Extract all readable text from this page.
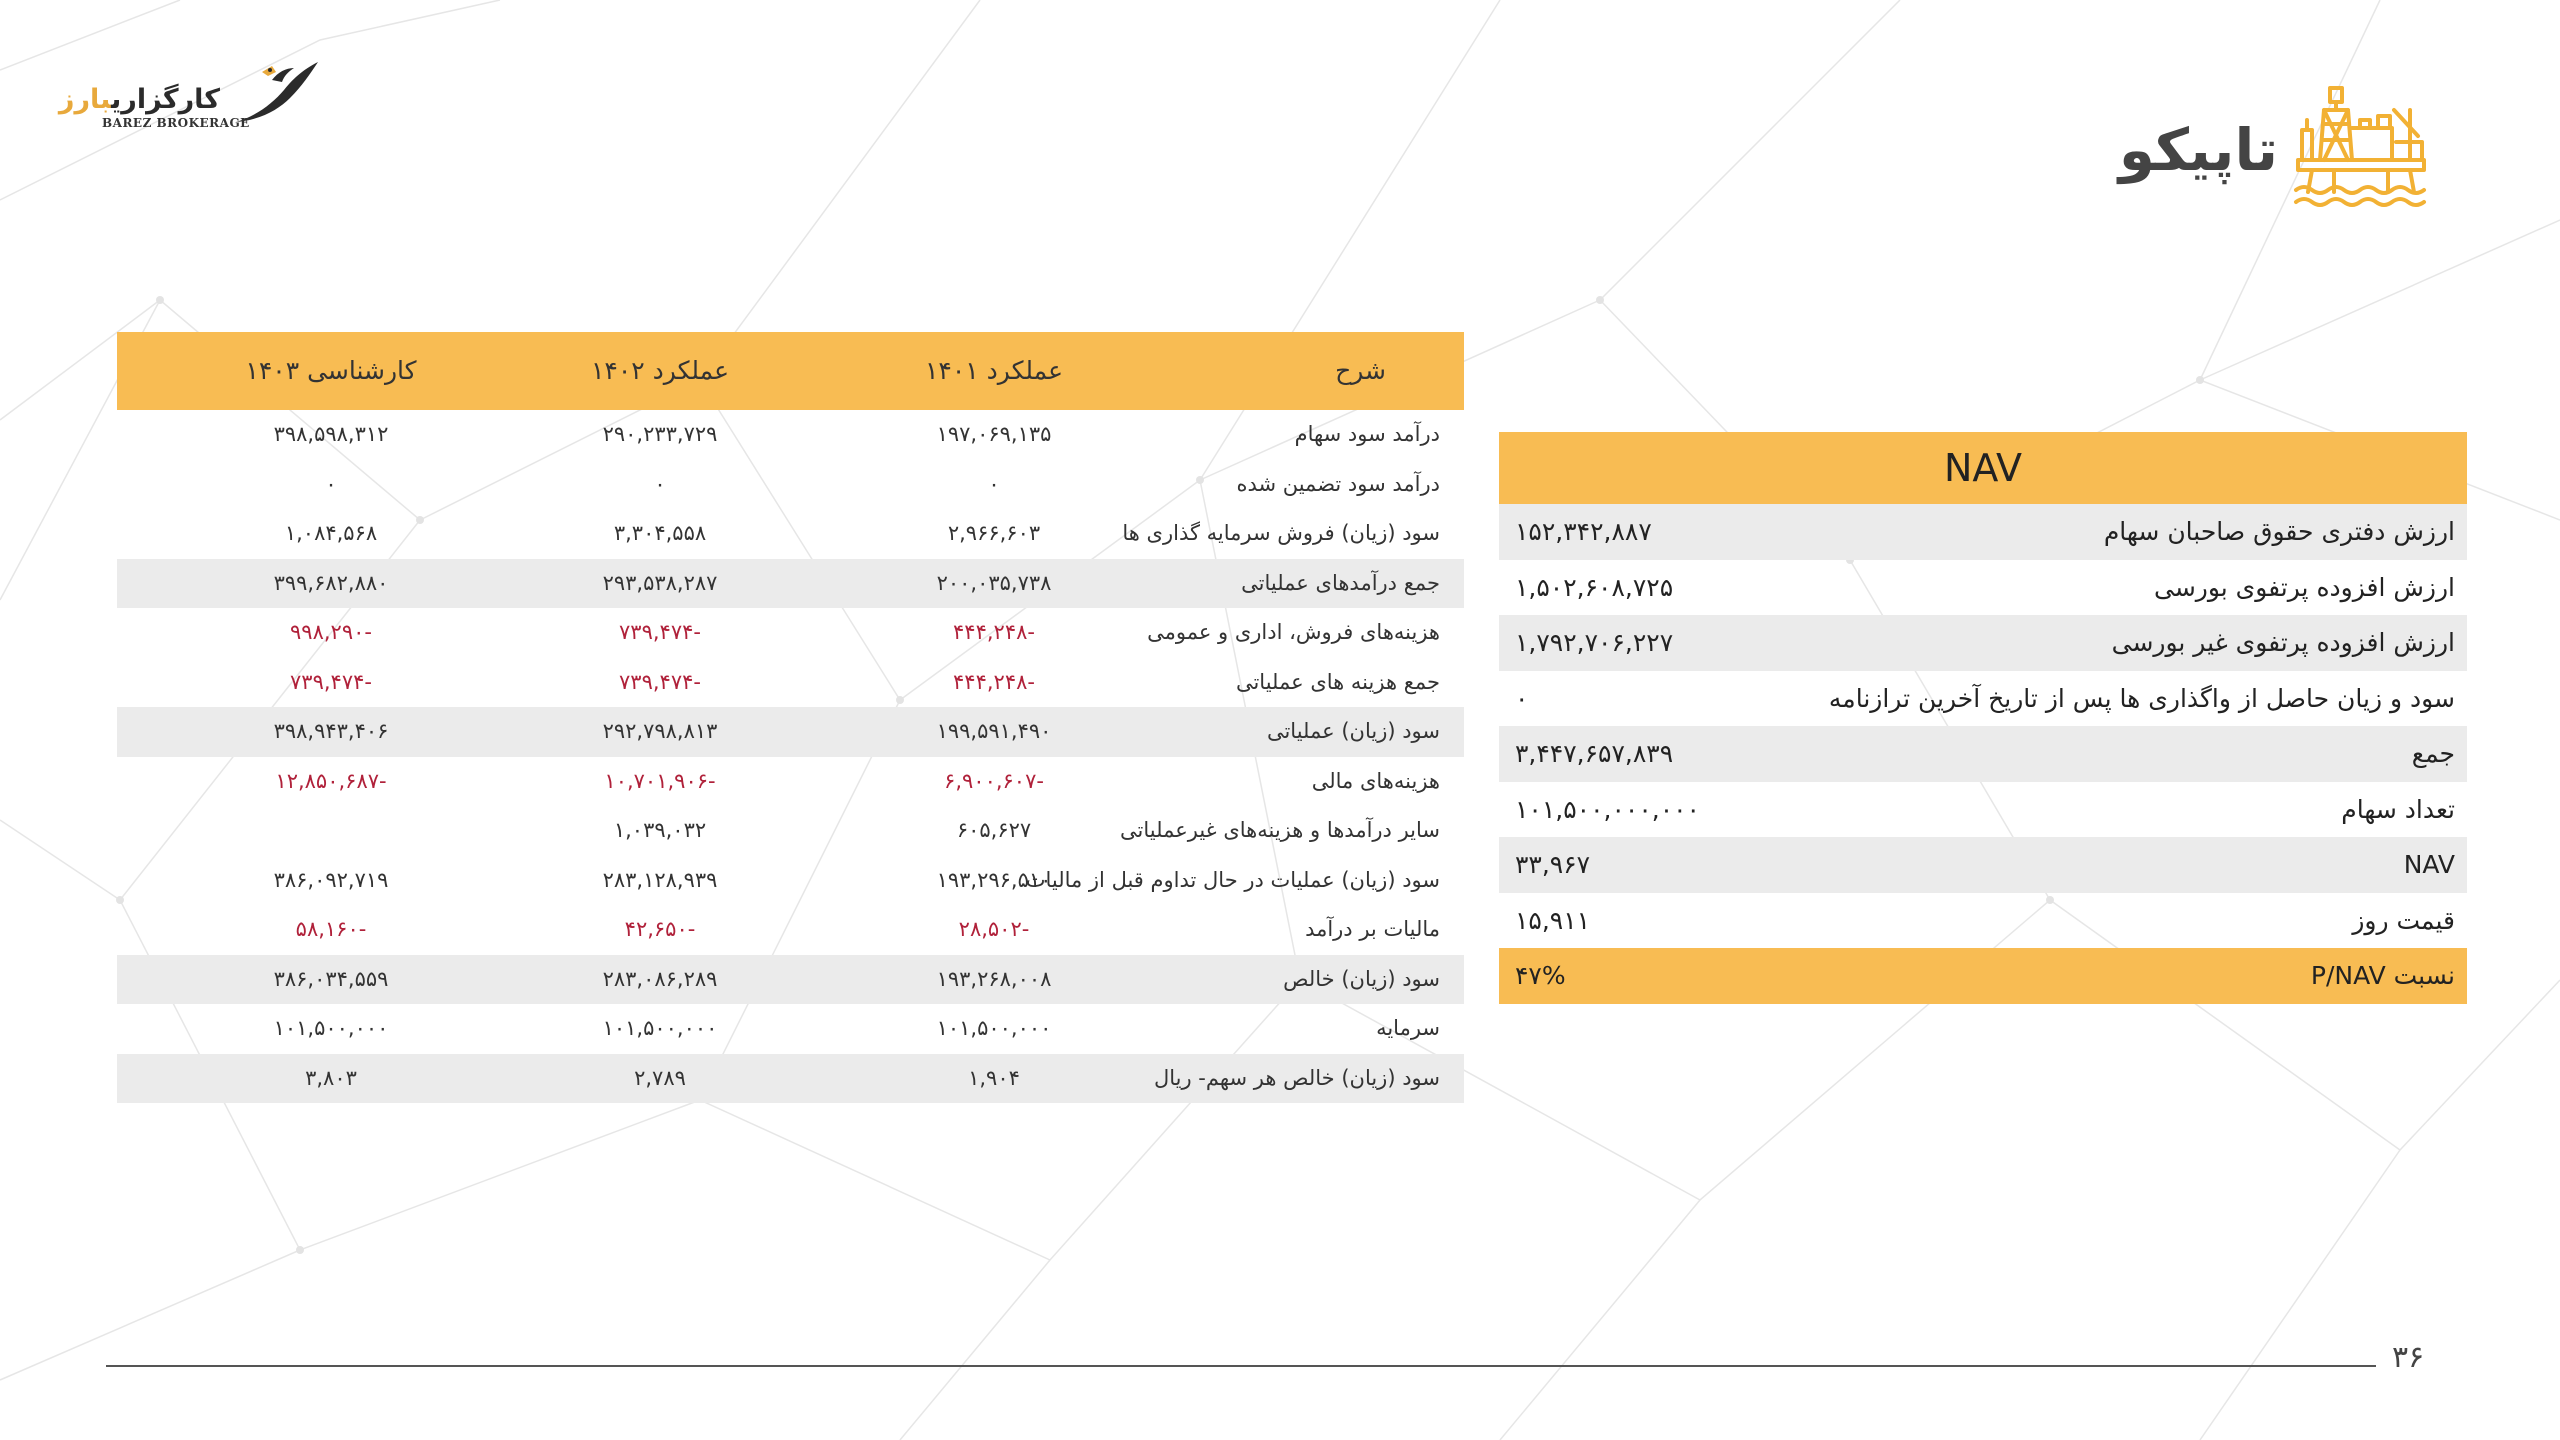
کارگزاریبارز
BAREZ BROKERAGE	تاپیکو
شرح
عملکرد ۱۴۰۱
عملکرد ۱۴۰۲
کارشناسی ۱۴۰۳
درآمد سود سهام
۱۹۷,۰۶۹,۱۳۵
۲۹۰,۲۳۳,۷۲۹
۳۹۸,۵۹۸,۳۱۲
درآمد سود تضمین شده
۰
۰
۰
سود (زیان) فروش سرمایه گذاری ها
۲,۹۶۶,۶۰۳
۳,۳۰۴,۵۵۸
۱,۰۸۴,۵۶۸
جمع درآمدهای عملیاتی
۲۰۰,۰۳۵,۷۳۸
۲۹۳,۵۳۸,۲۸۷
۳۹۹,۶۸۲,۸۸۰
هزینه‌های فروش، اداری و عمومی
-۴۴۴,۲۴۸
-۷۳۹,۴۷۴
-۹۹۸,۲۹۰
جمع هزینه های عملیاتی
-۴۴۴,۲۴۸
-۷۳۹,۴۷۴
-۷۳۹,۴۷۴
سود (زیان) عملیاتی
۱۹۹,۵۹۱,۴۹۰
۲۹۲,۷۹۸,۸۱۳
۳۹۸,۹۴۳,۴۰۶
هزینه‌های مالی
-۶,۹۰۰,۶۰۷
-۱۰,۷۰۱,۹۰۶
-۱۲,۸۵۰,۶۸۷
سایر درآمدها و هزینه‌های غیرعملیاتی
۶۰۵,۶۲۷
۱,۰۳۹,۰۳۲
سود (زیان) عملیات در حال تداوم قبل از مالیات
۱۹۳,۲۹۶,۵۱۰
۲۸۳,۱۲۸,۹۳۹
۳۸۶,۰۹۲,۷۱۹
مالیات بر درآمد
-۲۸,۵۰۲
-۴۲,۶۵۰
-۵۸,۱۶۰
سود (زیان) خالص
۱۹۳,۲۶۸,۰۰۸
۲۸۳,۰۸۶,۲۸۹
۳۸۶,۰۳۴,۵۵۹
سرمایه
۱۰۱,۵۰۰,۰۰۰
۱۰۱,۵۰۰,۰۰۰
۱۰۱,۵۰۰,۰۰۰
سود (زیان) خالص هر سهم- ریال
۱,۹۰۴
۲,۷۸۹
۳,۸۰۳
NAV
ارزش دفتری حقوق صاحبان سهام
۱۵۲,۳۴۲,۸۸۷
ارزش افزوده پرتفوی بورسی
۱,۵۰۲,۶۰۸,۷۲۵
ارزش افزوده پرتفوی غیر بورسی
۱,۷۹۲,۷۰۶,۲۲۷
سود و زیان حاصل از واگذاری ها پس از تاریخ آخرین ترازنامه
۰
جمع
۳,۴۴۷,۶۵۷,۸۳۹
تعداد سهام
۱۰۱,۵۰۰,۰۰۰,۰۰۰
NAV
۳۳,۹۶۷
قیمت روز
۱۵,۹۱۱
نسبت P/NAV
۴۷%
۳۶
